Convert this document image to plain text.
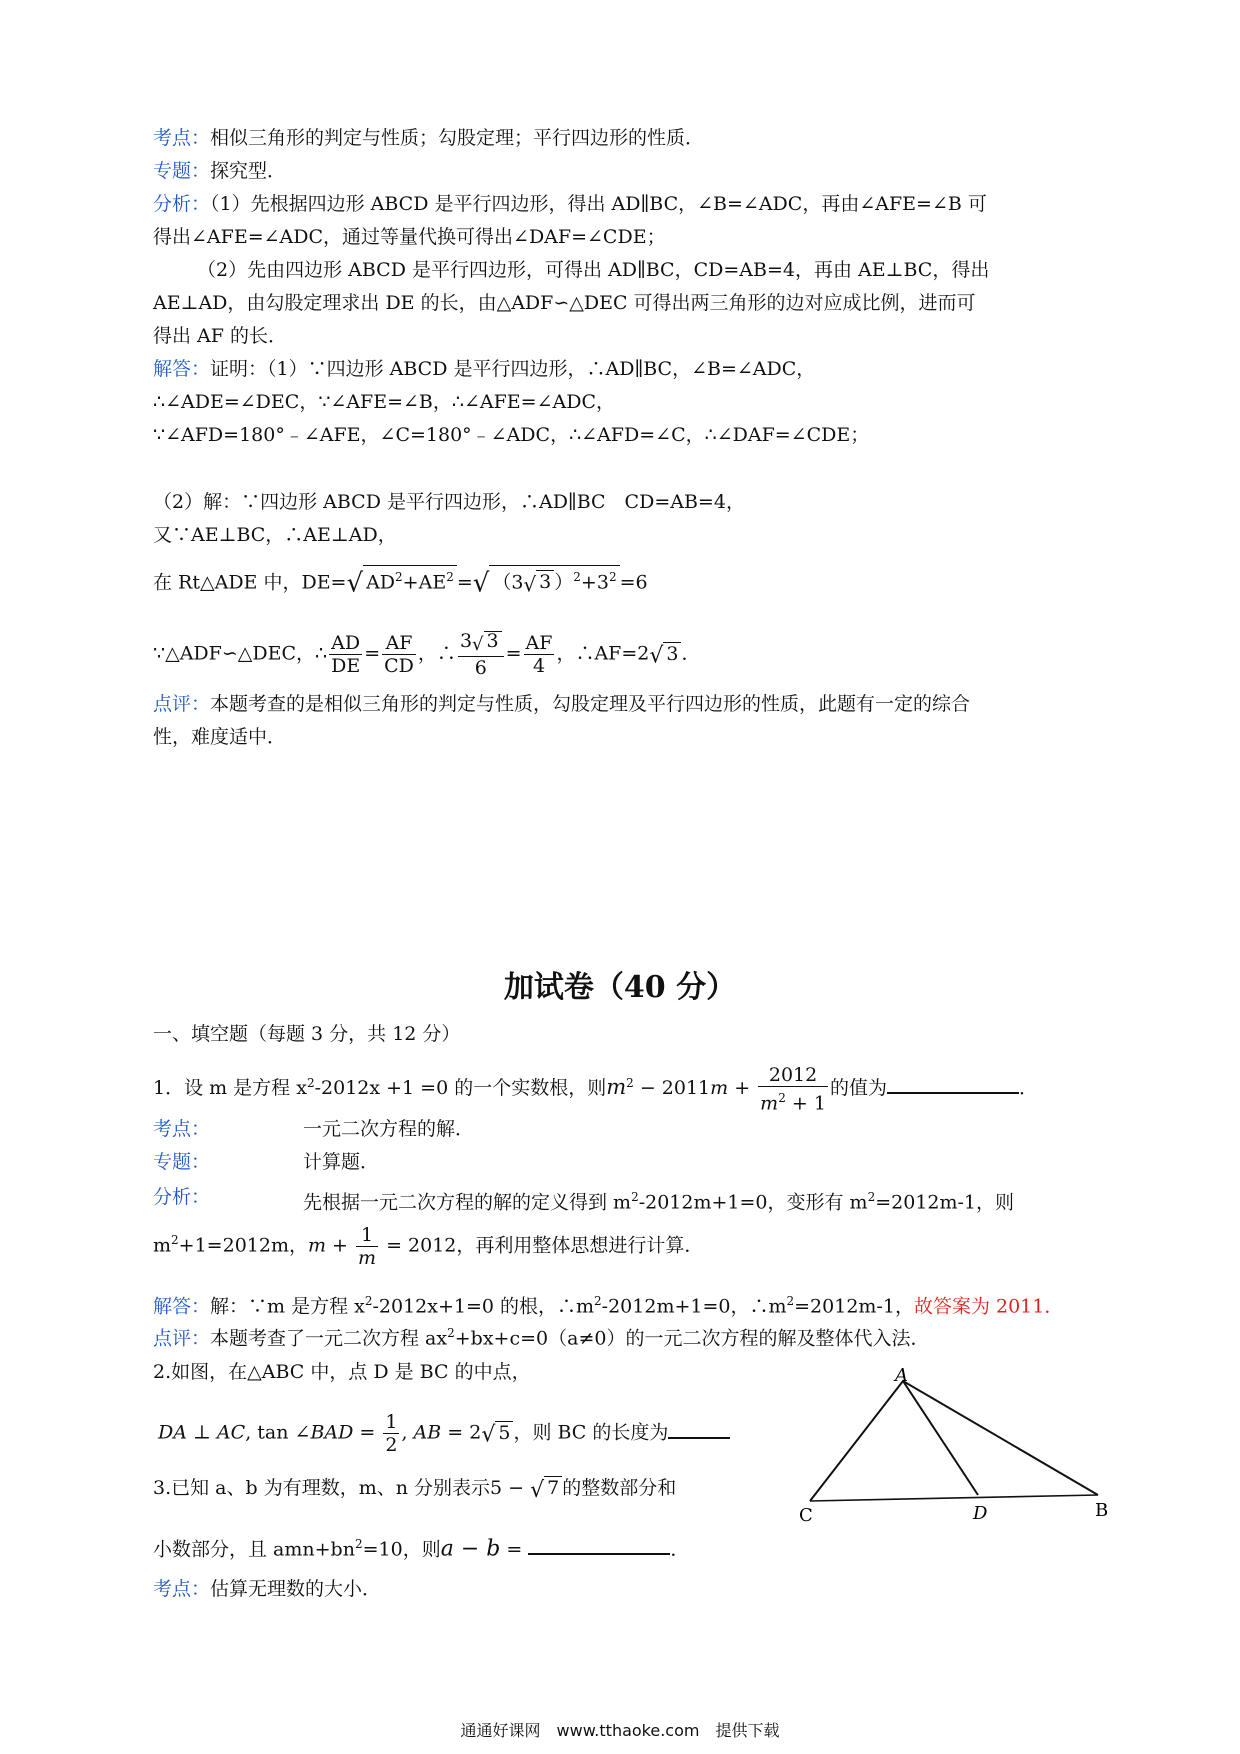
考点：相似三角形的判定与性质；勾股定理；平行四边形的性质．
专题：探究型．
分析：（1）先根据四边形 ABCD 是平行四边形，得出 AD∥BC，∠B=∠ADC，再由∠AFE=∠B 可
得出∠AFE=∠ADC，通过等量代换可得出∠DAF=∠CDE；
（2）先由四边形 ABCD 是平行四边形，可得出 AD∥BC，CD=AB=4，再由 AE⊥BC，得出
AE⊥AD，由勾股定理求出 DE 的长，由△ADF∽△DEC 可得出两三角形的边对应成比例，进而可
得出 AF 的长．
解答：证明：（1）∵四边形 ABCD 是平行四边形，∴AD∥BC，∠B=∠ADC，
∴∠ADE=∠DEC，∵∠AFE=∠B，∴∠AFE=∠ADC，
∵∠AFD=180°﹣∠AFE，∠C=180°﹣∠ADC，∴∠AFD=∠C，∴∠DAF=∠CDE；
（2）解：∵四边形 ABCD 是平行四边形，∴AD∥BC　CD=AB=4，
又∵AE⊥BC，∴AE⊥AD，
在 Rt△ADE 中，DE=√ $AD^2+AE^2$ =√ （3√ 3 ）$^2+3^2 =6$
∵△ADF∽△DEC，∴ $\frac{AD}{DE} = \frac{AF}{CD}$ ，∴ $\frac{3√ 3}{6} = \frac{AF}{4}$ ，∴AF=2√ 3 ．
点评：本题考查的是相似三角形的判定与性质，勾股定理及平行四边形的性质，此题有一定的综合
性，难度适中．
加试卷（40 分）
一、填空题（每题 3 分，共 12 分）
1．设 m 是方程 $x^2-2012x +1 =0$ 的一个实数根，则$m^2 - 2011m + \frac{2012}{m^2 + 1}$ 的值为	．
考点：	一元二次方程的解．
专题：	计算题．
分析：	先根据一元二次方程的解的定义得到 $m^2-2012m+1=0$，变形有 $m^2=2012m-1$，则
$m^2+1=2012m$，$m + \frac{1}{m} = 2012$，再利用整体思想进行计算．
解答：解：∵m 是方程 $x^2-2012x+1=0$ 的根，$\therefore m^2-2012m+1=0$，$\therefore m^2=2012m-1$，故答案为 2011．
点评：本题考查了一元二次方程 $ax^2+bx+c=0(a\ne 0)$的一元二次方程的解及整体代入法．
2.如图，在△ABC 中，点 D 是 BC 的中点，
DA ⊥ AC, tan ∠BAD = $\frac{1}{2}$ , AB = 2√ 5 ，则 BC 的长度为
3.已知 a、b 为有理数，m、n 分别表示5 − √ 7 的整数部分和
小数部分，且 $amn+bn^2=10$，则a − b =	．
考点：估算无理数的大小．
A
C	D	B
通通好课网　www.tthaoke.com　提供下载
